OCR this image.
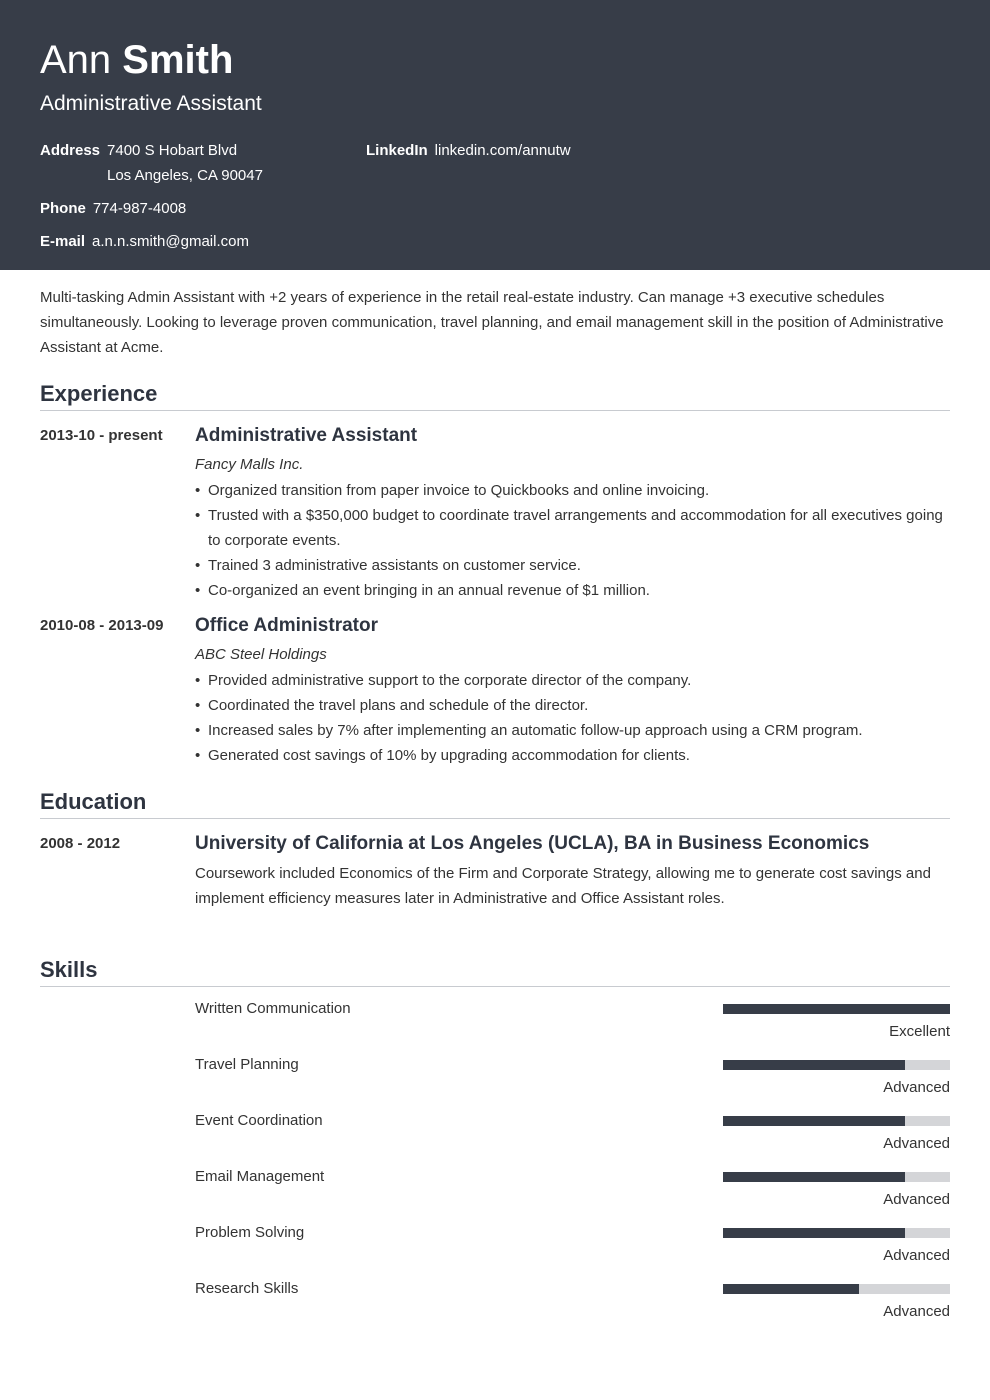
Ann Smith
Administrative Assistant
Address 7400 S Hobart Blvd
Los Angeles, CA 90047
LinkedIn linkedin.com/annutw
Phone 774-987-4008
E-mail a.n.n.smith@gmail.com

Multi-tasking Admin Assistant with +2 years of experience in the retail real-estate industry. Can manage +3 executive schedules simultaneously. Looking to leverage proven communication, travel planning, and email management skill in the position of Administrative Assistant at Acme.

Experience
2013-10 - present Administrative Assistant
Fancy Malls Inc.
• Organized transition from paper invoice to Quickbooks and online invoicing.
• Trusted with a $350,000 budget to coordinate travel arrangements and accommodation for all executives going to corporate events.
• Trained 3 administrative assistants on customer service.
• Co-organized an event bringing in an annual revenue of $1 million.
2010-08 - 2013-09 Office Administrator
ABC Steel Holdings
• Provided administrative support to the corporate director of the company.
• Coordinated the travel plans and schedule of the director.
• Increased sales by 7% after implementing an automatic follow-up approach using a CRM program.
• Generated cost savings of 10% by upgrading accommodation for clients.
Education
2008 - 2012	University of California at Los Angeles (UCLA), BA in Business Economics

Coursework included Economics of the Firm and Corporate Strategy, allowing me to generate cost savings and implement efficiency measures later in Administrative and Office Assistant roles.

Skills
Written Communication
Excellent
Travel Planning
Advanced
Event Coordination
Advanced
Email Management
Advanced
Problem Solving
Advanced
Research Skills
Advanced
